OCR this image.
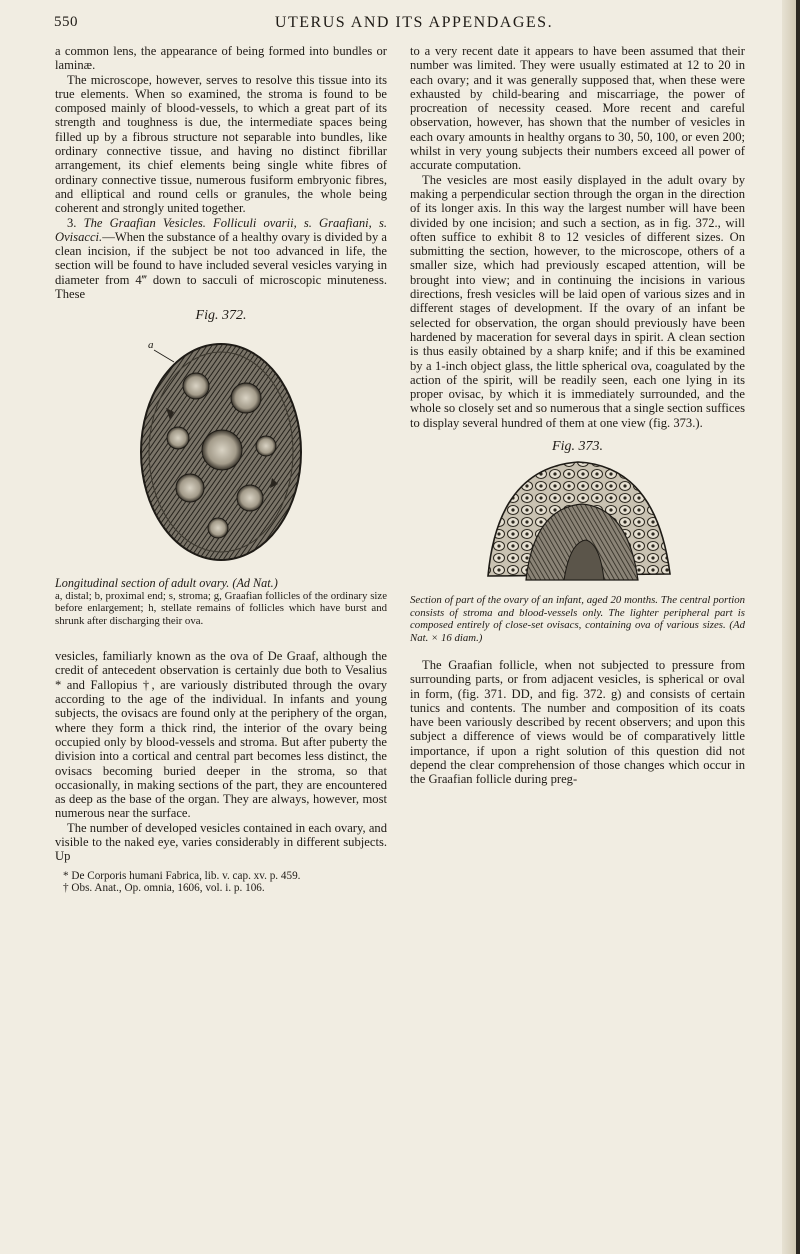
UTERUS AND ITS APPENDAGES.
550

a common lens, the appearance of being formed into bundles or laminæ.

The microscope, however, serves to resolve this tissue into its true elements. When so examined, the stroma is found to be composed mainly of blood-vessels, to which a great part of its strength and toughness is due, the intermediate spaces being filled up by a fibrous structure not separable into bundles, like ordinary connective tissue, and having no distinct fibrillar arrangement, its chief elements being single white fibres of ordinary connective tissue, numerous fusiform embryonic fibres, and elliptical and round cells or granules, the whole being coherent and strongly united together.

3. The Graafian Vesicles. Folliculi ovarii, s. Graafiani, s. Ovisacci.—When the substance of a healthy ovary is divided by a clean incision, if the subject be not too advanced in life, the section will be found to have included several vesicles varying in diameter from 4‴ down to sacculi of microscopic minuteness. These

Fig. 372.

a
Longitudinal section of adult ovary. (Ad Nat.)
a, distal; b, proximal end; s, stroma; g, Graafian follicles of the ordinary size before enlargement; h, stellate remains of follicles which have burst and shrunk after discharging their ova.

vesicles, familiarly known as the ova of De Graaf, although the credit of antecedent observation is certainly due both to Vesalius * and Fallopius †, are variously distributed through the ovary according to the age of the individual. In infants and young subjects, the ovisacs are found only at the periphery of the organ, where they form a thick rind, the interior of the ovary being occupied only by blood-vessels and stroma. But after puberty the division into a cortical and central part becomes less distinct, the ovisacs becoming buried deeper in the stroma, so that occasionally, in making sections of the part, they are encountered as deep as the base of the organ. They are always, however, most numerous near the surface.

The number of developed vesicles contained in each ovary, and visible to the naked eye, varies considerably in different subjects. Up

* De Corporis humani Fabrica, lib. v. cap. xv. p. 459.

† Obs. Anat., Op. omnia, 1606, vol. i. p. 106.

to a very recent date it appears to have been assumed that their number was limited. They were usually estimated at 12 to 20 in each ovary; and it was generally supposed that, when these were exhausted by child-bearing and miscarriage, the power of procreation of necessity ceased. More recent and careful observation, however, has shown that the number of vesicles in each ovary amounts in healthy organs to 30, 50, 100, or even 200; whilst in very young subjects their numbers exceed all power of accurate computation.

The vesicles are most easily displayed in the adult ovary by making a perpendicular section through the organ in the direction of its longer axis. In this way the largest number will have been divided by one incision; and such a section, as in fig. 372., will often suffice to exhibit 8 to 12 vesicles of different sizes. On submitting the section, however, to the microscope, others of a smaller size, which had previously escaped attention, will be brought into view; and in continuing the incisions in various directions, fresh vesicles will be laid open of various sizes and in different stages of development. If the ovary of an infant be selected for observation, the organ should previously have been hardened by maceration for several days in spirit. A clean section is thus easily obtained by a sharp knife; and if this be examined by a 1-inch object glass, the little spherical ova, coagulated by the action of the spirit, will be readily seen, each one lying in its proper ovisac, by which it is immediately surrounded, and the whole so closely set and so numerous that a single section suffices to display several hundred of them at one view (fig. 373.).

Fig. 373.

Section of part of the ovary of an infant, aged 20 months. The central portion consists of stroma and blood-vessels only. The lighter peripheral part is composed entirely of close-set ovisacs, containing ova of various sizes. (Ad Nat. × 16 diam.)

The Graafian follicle, when not subjected to pressure from surrounding parts, or from adjacent vesicles, is spherical or oval in form, (fig. 371. DD, and fig. 372. g) and consists of certain tunics and contents. The number and composition of its coats have been variously described by recent observers; and upon this subject a difference of views would be of comparatively little importance, if upon a right solution of this question did not depend the clear comprehension of those changes which occur in the Graafian follicle during preg-
